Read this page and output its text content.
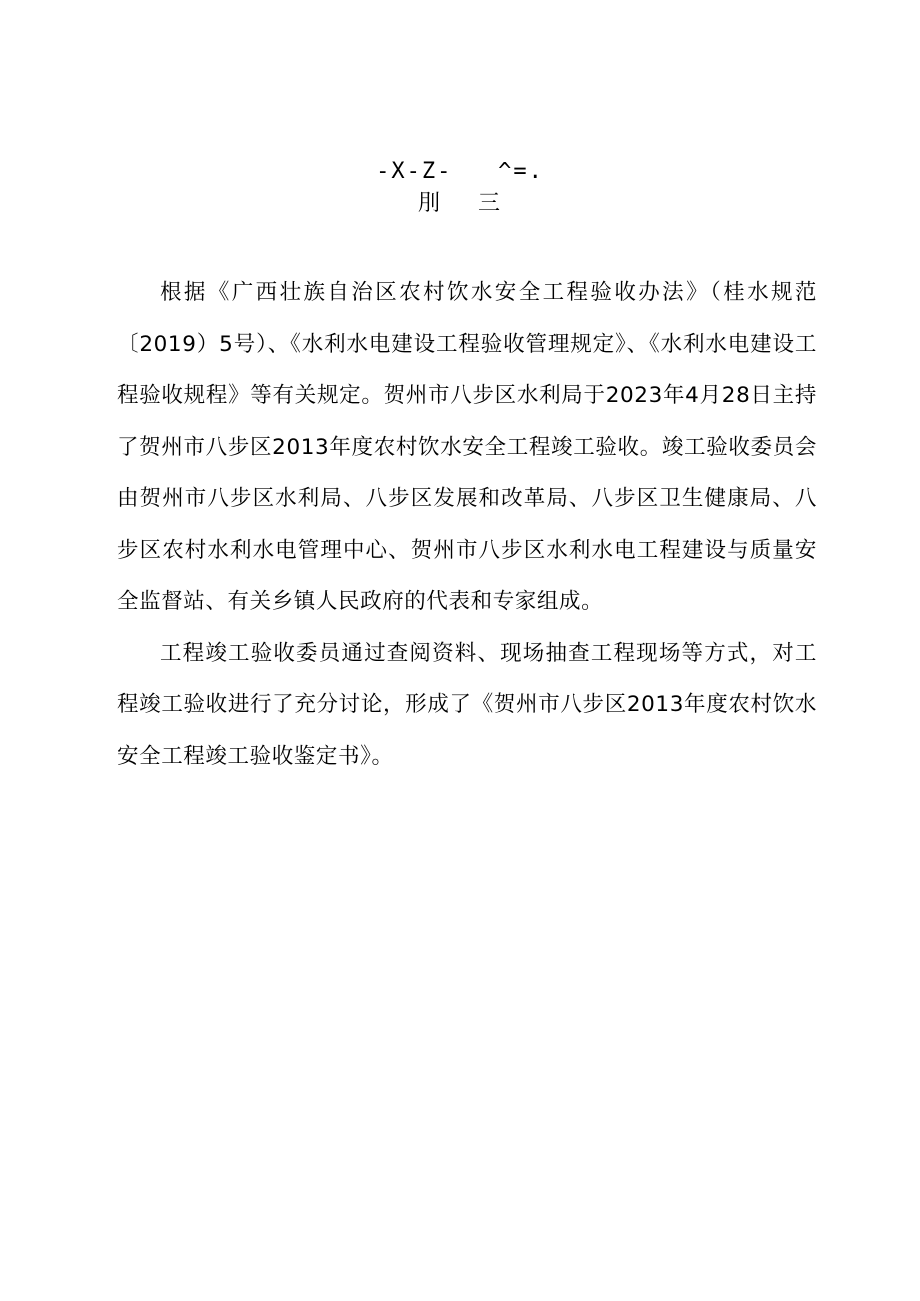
-X-Z-   ^=.
刖    三

根据《广西壮族自治区农村饮水安全工程验收办法》（桂水规范〔2019）5号）、《水利水电建设工程验收管理规定》、《水利水电建设工程验收规程》等有关规定。贺州市八步区水利局于2023年4月28日主持了贺州市八步区2013年度农村饮水安全工程竣工验收。竣工验收委员会由贺州市八步区水利局、八步区发展和改革局、八步区卫生健康局、八步区农村水利水电管理中心、贺州市八步区水利水电工程建设与质量安全监督站、有关乡镇人民政府的代表和专家组成。

工程竣工验收委员通过查阅资料、现场抽查工程现场等方式，对工程竣工验收进行了充分讨论，形成了《贺州市八步区2013年度农村饮水安全工程竣工验收鉴定书》。
